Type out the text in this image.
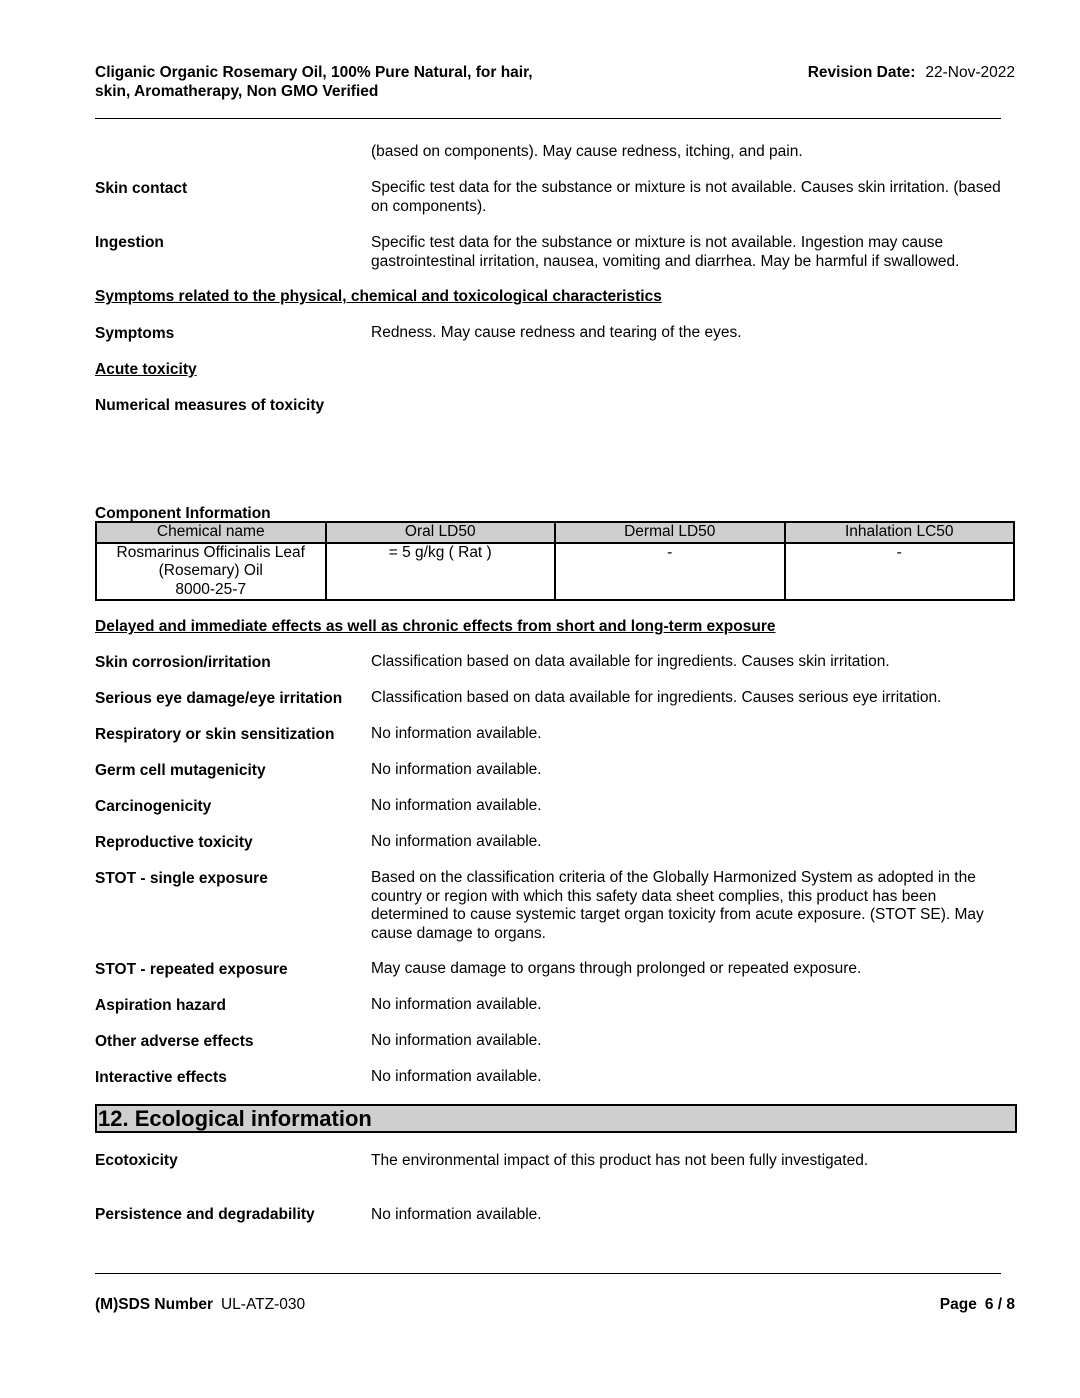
Cliganic Organic Rosemary Oil, 100% Pure Natural, for hair,
skin, Aromatherapy, Non GMO Verified
Revision Date: 22-Nov-2022
(based on components). May cause redness, itching, and pain.
Skin contact	Specific test data for the substance or mixture is not available. Causes skin irritation. (based on components).
Ingestion	Specific test data for the substance or mixture is not available. Ingestion may cause gastrointestinal irritation, nausea, vomiting and diarrhea. May be harmful if swallowed.
Symptoms related to the physical, chemical and toxicological characteristics
Symptoms	Redness. May cause redness and tearing of the eyes.
Acute toxicity
Numerical measures of toxicity
Component Information
Chemical name	Oral LD50	Dermal LD50	Inhalation LC50

Rosmarinus Officinalis Leaf
(Rosemary) Oil
8000-25-7	= 5 g/kg ( Rat )	-	-
Delayed and immediate effects as well as chronic effects from short and long-term exposure
Skin corrosion/irritation	Classification based on data available for ingredients. Causes skin irritation.
Serious eye damage/eye irritation	Classification based on data available for ingredients. Causes serious eye irritation.
Respiratory or skin sensitization	No information available.
Germ cell mutagenicity	No information available.
Carcinogenicity	No information available.
Reproductive toxicity	No information available.
STOT - single exposure	Based on the classification criteria of the Globally Harmonized System as adopted in the country or region with which this safety data sheet complies, this product has been determined to cause systemic target organ toxicity from acute exposure. (STOT SE). May cause damage to organs.
STOT - repeated exposure	May cause damage to organs through prolonged or repeated exposure.
Aspiration hazard	No information available.
Other adverse effects	No information available.
Interactive effects	No information available.
12. Ecological information
Ecotoxicity	The environmental impact of this product has not been fully investigated.
Persistence and degradability	No information available.
(M)SDS Number UL-ATZ-030	Page 6 / 8
